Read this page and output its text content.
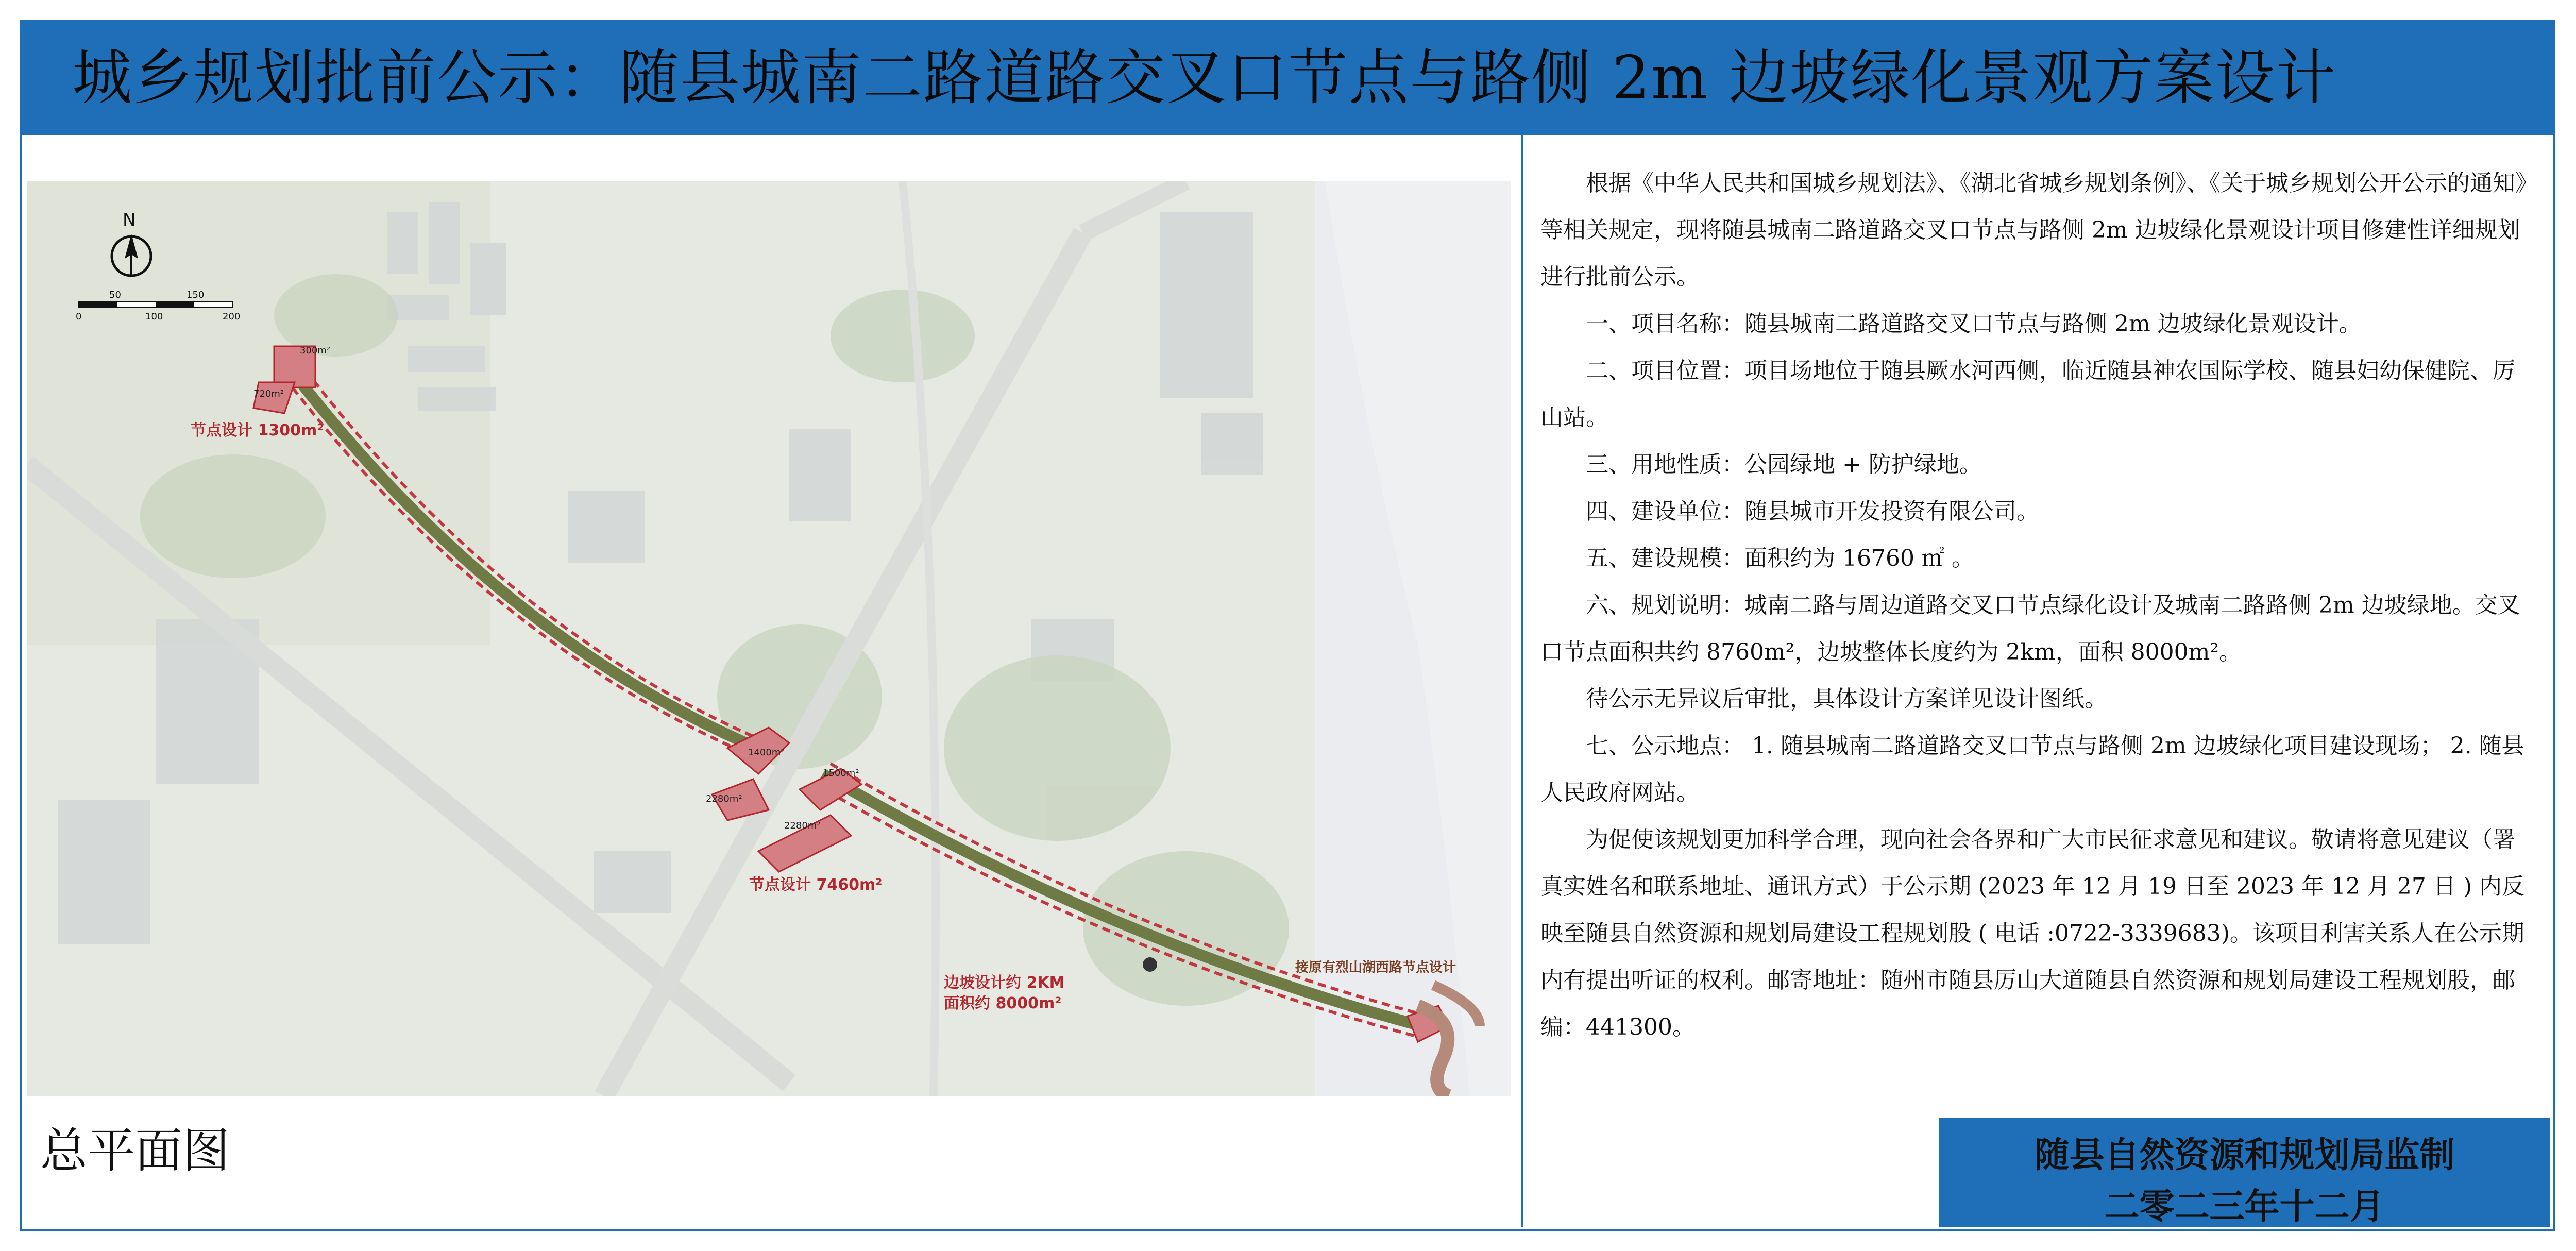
城乡规划批前公示：随县城南二路道路交叉口节点与路侧 2m 边坡绿化景观方案设计
N
0
50
100
150
200
节点设计 1300m²
节点设计 7460m²
边坡设计约 2KM
面积约 8000m²
接原有烈山湖西路节点设计
300m²
720m²
1400m²
2280m²
1500m²
2280m²
总平面图

根据《中华人民共和国城乡规划法》、《湖北省城乡规划条例》、《关于城乡规划公开公示的通知》等相关规定，现将随县城南二路道路交叉口节点与路侧 2m 边坡绿化景观设计项目修建性详细规划进行批前公示。

一、项目名称：随县城南二路道路交叉口节点与路侧 2m 边坡绿化景观设计。

二、项目位置：项目场地位于随县厥水河西侧，临近随县神农国际学校、随县妇幼保健院、厉山站。

三、用地性质：公园绿地 + 防护绿地。

四、建设单位：随县城市开发投资有限公司。

五、建设规模：面积约为 16760 ㎡ 。

六、规划说明：城南二路与周边道路交叉口节点绿化设计及城南二路路侧 2m 边坡绿地。交叉口节点面积共约 8760m²，边坡整体长度约为 2km，面积 8000m²。

待公示无异议后审批，具体设计方案详见设计图纸。

七、公示地点： 1. 随县城南二路道路交叉口节点与路侧 2m 边坡绿化项目建设现场； 2. 随县人民政府网站。

为促使该规划更加科学合理，现向社会各界和广大市民征求意见和建议。敬请将意见建议（署真实姓名和联系地址、通讯方式）于公示期 (2023 年 12 月 19 日至 2023 年 12 月 27 日 ) 内反映至随县自然资源和规划局建设工程规划股 ( 电话 :0722-3339683)。该项目利害关系人在公示期内有提出听证的权利。邮寄地址：随州市随县厉山大道随县自然资源和规划局建设工程规划股，邮编：441300。

随县自然资源和规划局监制
二零二三年十二月
